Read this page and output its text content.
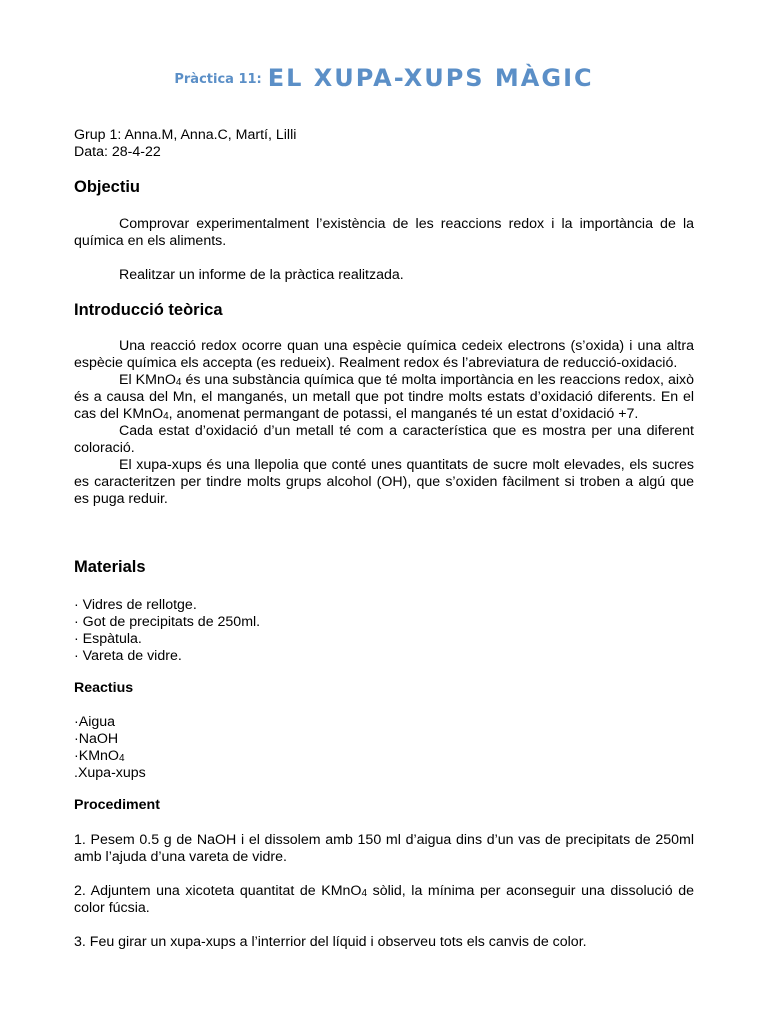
Pràctica 11: EL XUPA-XUPS MÀGIC
Grup 1: Anna.M, Anna.C, Martí, Lilli
Data: 28-4-22
Objectiu

Comprovar experimentalment l’existència de les reaccions redox i la importància de la química en els aliments.

Realitzar un informe de la pràctica realitzada.

Introducció teòrica

Una reacció redox ocorre quan una espècie química cedeix electrons (s’oxida) i una altra espècie química els accepta (es redueix). Realment redox és l’abreviatura de reducció-oxidació.

El KMnO$_4$ és una substància química que té molta importància en les reaccions redox, això és a causa del Mn, el manganés, un metall que pot tindre molts estats d’oxidació diferents. En el cas del KMnO$_4$, anomenat permangant de potassi, el manganés té un estat d’oxidació +7.

Cada estat d’oxidació d’un metall té com a característica que es mostra per una diferent coloració.

El xupa-xups és una llepolia que conté unes quantitats de sucre molt elevades, els sucres es caracteritzen per tindre molts grups alcohol (OH), que s’oxiden fàcilment si troben a algú que es puga reduir.

Materials
· Vidres de rellotge.
· Got de precipitats de 250ml.
· Espàtula.
· Vareta de vidre.
Reactius
·Aigua
·NaOH
·KMnO$_4$
.Xupa-xups
Procediment

1. Pesem 0.5 g de NaOH i el dissolem amb 150 ml d’aigua dins d’un vas de precipitats de 250ml amb l’ajuda d’una vareta de vidre.

2. Adjuntem una xicoteta quantitat de KMnO$_4$ sòlid, la mínima per aconseguir una dissolució de color fúcsia.

3. Feu girar un xupa-xups a l’interrior del líquid i observeu tots els canvis de color.
